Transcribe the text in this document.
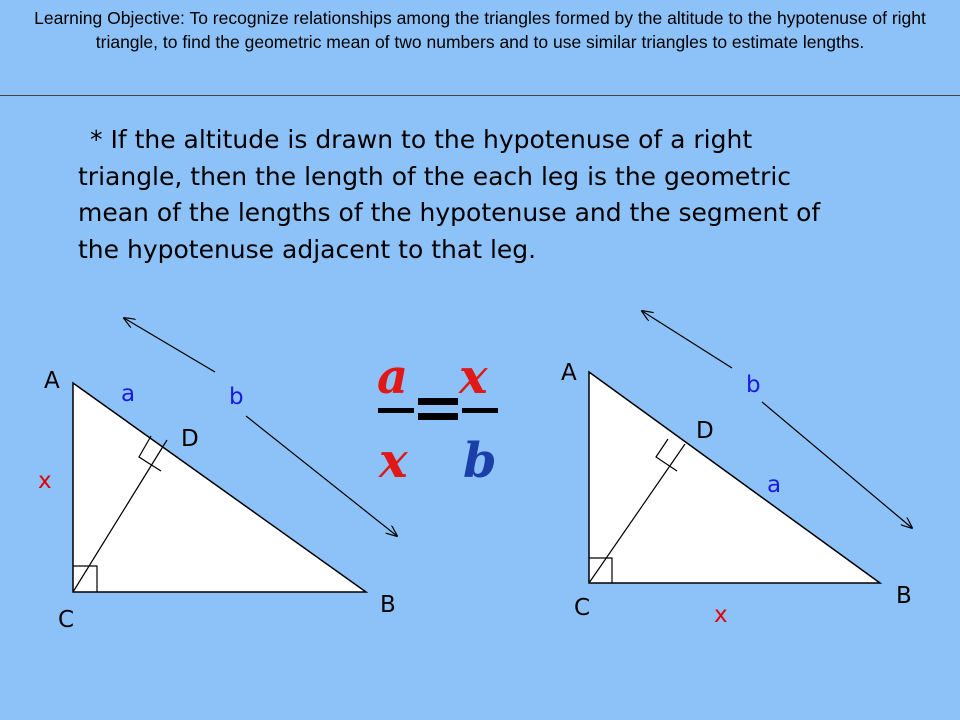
Learning Objective: To recognize relationships among the triangles formed by the altitude to the hypotenuse of right triangle, to find the geometric mean of two numbers and to use similar triangles to estimate lengths.

* If the altitude is drawn to the hypotenuse of a right triangle, then the length of the each leg is the geometric mean of the lengths of the hypotenuse and the segment of the hypotenuse adjacent to that leg.
A
B
C
D
a	b
x
a
x
x
b
A
B
C
D
a
b
x
